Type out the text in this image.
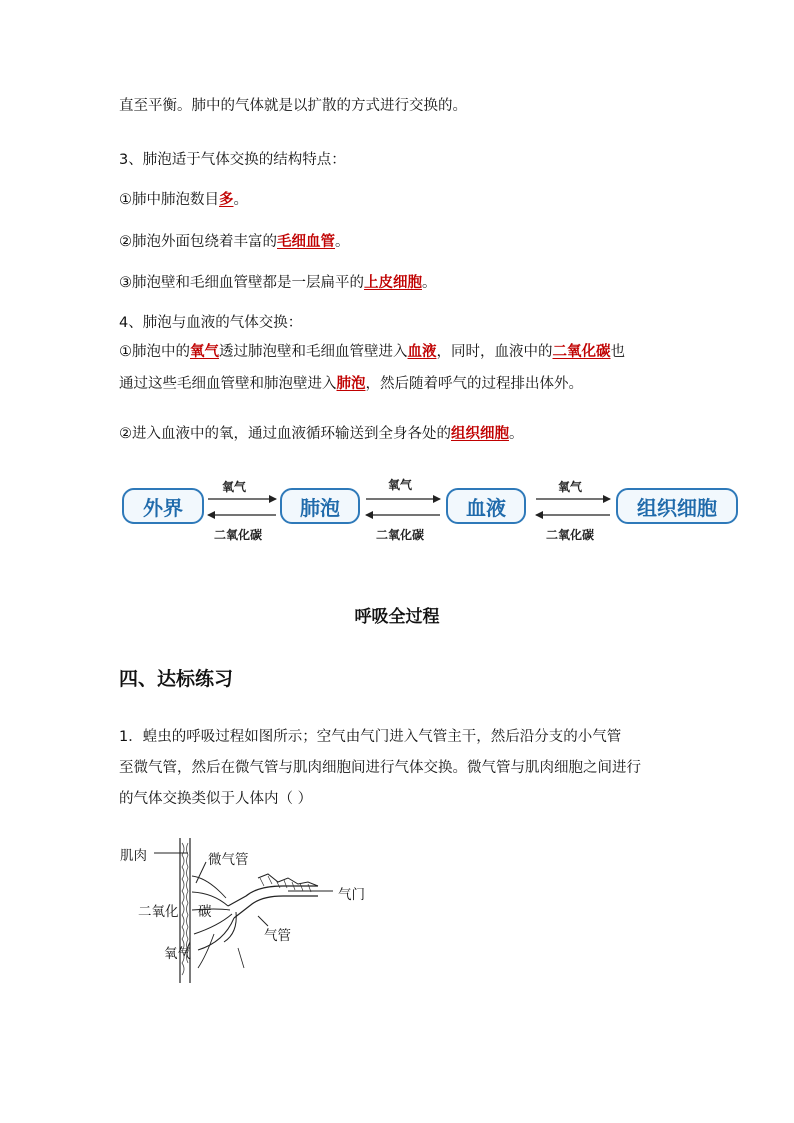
直至平衡。肺中的气体就是以扩散的方式进行交换的。
3、肺泡适于气体交换的结构特点：
①肺中肺泡数目多。
②肺泡外面包绕着丰富的毛细血管。
③肺泡壁和毛细血管壁都是一层扁平的上皮细胞。
4、肺泡与血液的气体交换：
①肺泡中的氧气透过肺泡壁和毛细血管壁进入血液，同时，血液中的二氧化碳也
通过这些毛细血管壁和肺泡壁进入肺泡，然后随着呼气的过程排出体外。
②进入血液中的氧，通过血液循环输送到全身各处的组织细胞。
外界	肺泡	血液	组织细胞
氧气
二氧化碳
氧气
二氧化碳
氧气
二氧化碳
呼吸全过程
四、达标练习
1．蝗虫的呼吸过程如图所示；空气由气门进入气管主干，然后沿分支的小气管
至微气管，然后在微气管与肌肉细胞间进行气体交换。微气管与肌肉细胞之间进行
的气体交换类似于人体内（ ）
肌肉	微气管
二氧化 碳
气门
气管
氧气
